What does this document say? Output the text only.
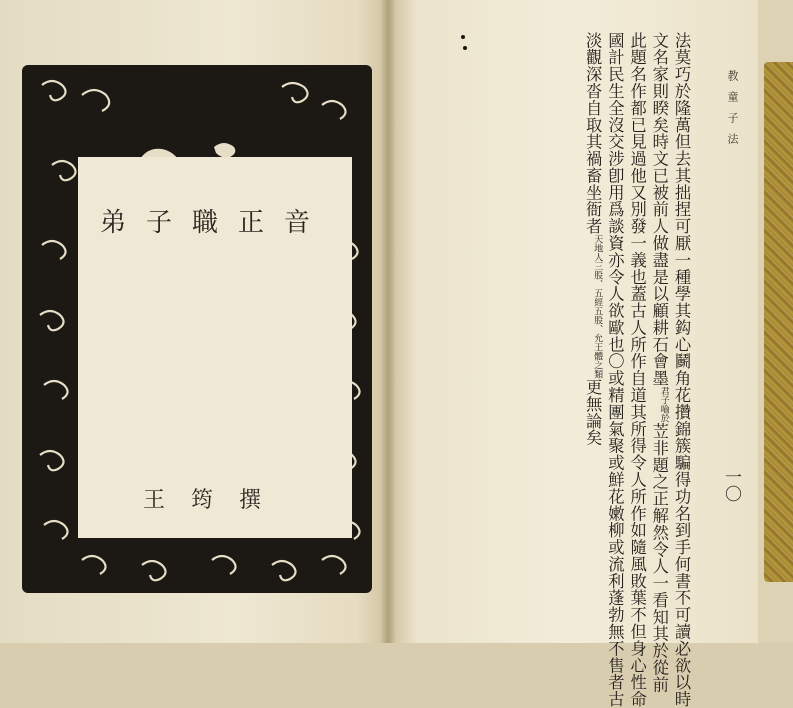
弟子職正音
王筠撰
教童子法
一〇
法莫巧於隆萬但去其拙捏可厭一種學其鈎心鬭角花攢錦簇騙得功名到手何書不可讀必欲以時
文名家則睽矣時文已被前人做盡是以顧耕石會墨君子喻於苙非題之正解然令人一看知其於從前
此題名作都已見過他又別發一義也蓋古人所作自道其所得令人所作如隨風敗葉不但身心性命
國計民生全沒交涉卽用爲談資亦令人欲歐也〇或精團氣聚或鮮花嫩柳或流利蓬勃無不售者古
淡觀深沓自取其禍畜坐衙者天地人三股、五經五股、允王體之類更無論矣
